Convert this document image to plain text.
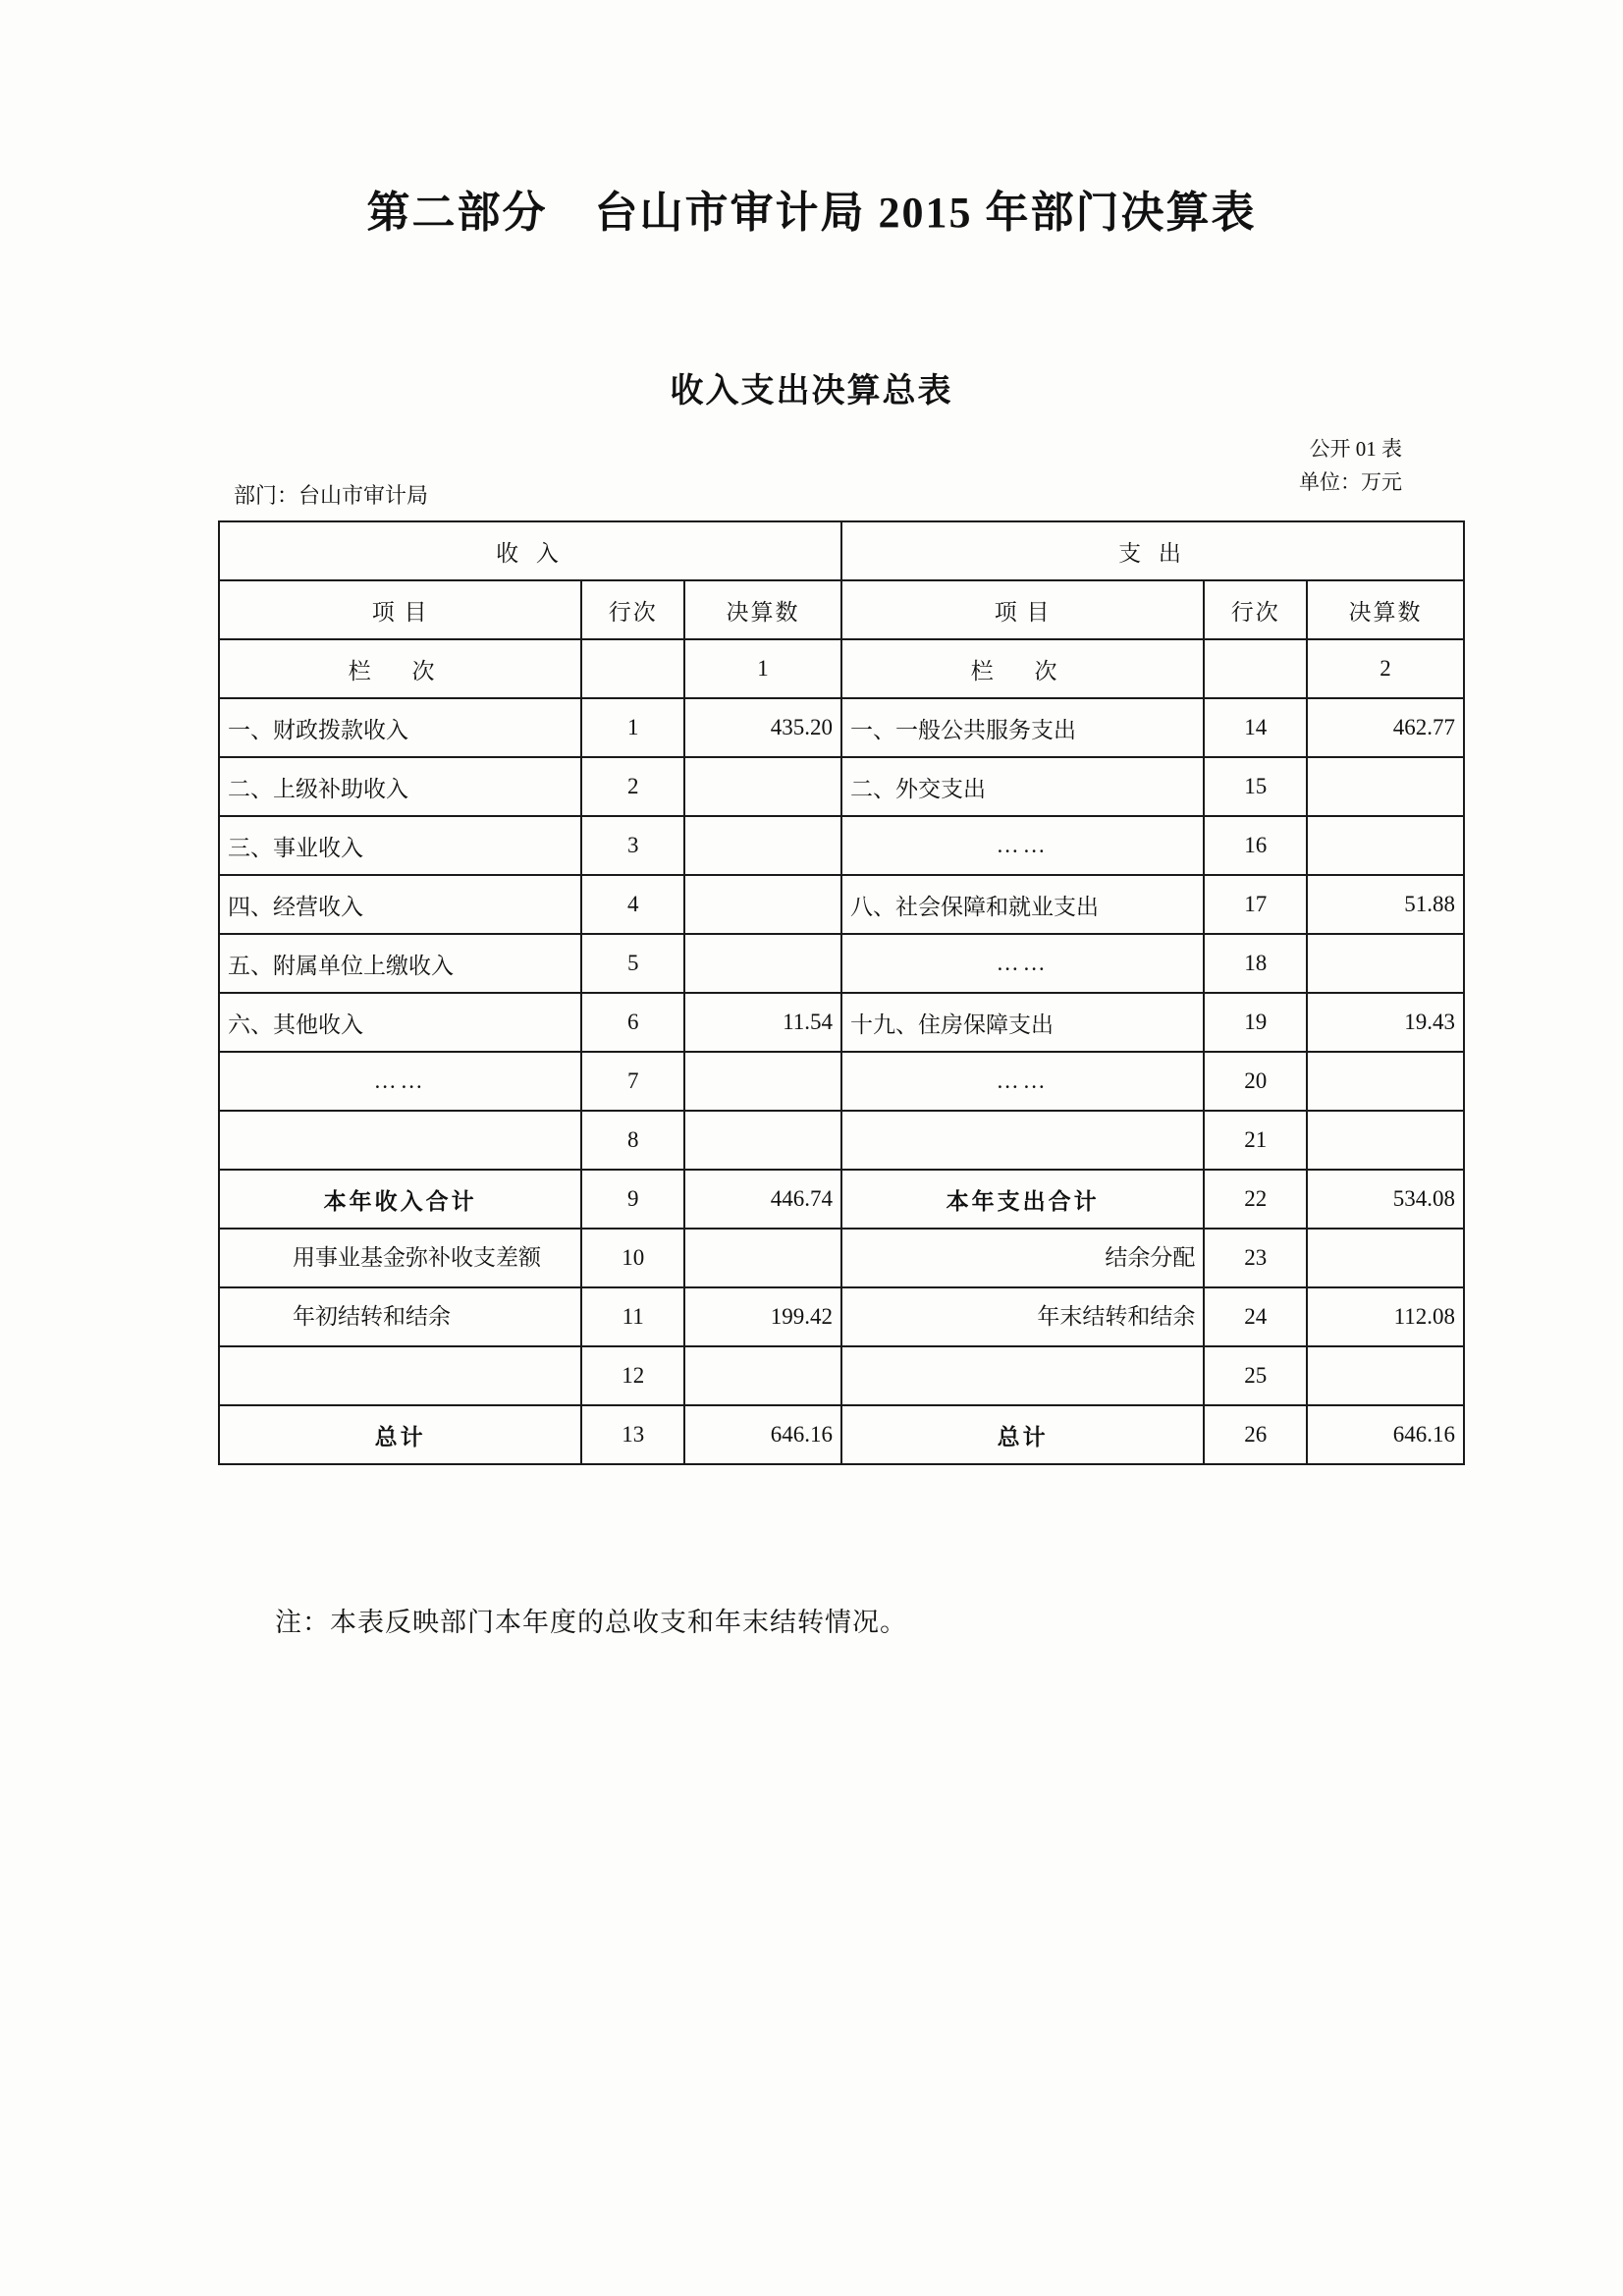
第二部分 台山市审计局 2015 年部门决算表
收入支出决算总表
公开 01 表
单位：万元
部门：台山市审计局
收 入			支 出		
项 目	行次	决算数	项 目	行次	决算数
栏 次		1	栏 次		2
一、财政拨款收入	1	435.20	一、一般公共服务支出	14	462.77
二、上级补助收入	2		二、外交支出	15	
三、事业收入	3		……	16	
四、经营收入	4		八、社会保障和就业支出	17	51.88
五、附属单位上缴收入	5		……	18	
六、其他收入	6	11.54	十九、住房保障支出	19	19.43
……	7		……	20	
	8			21	
本年收入合计	9	446.74	本年支出合计	22	534.08
用事业基金弥补收支差额	10		结余分配	23	
年初结转和结余	11	199.42	年末结转和结余	24	112.08
	12			25	
总计	13	646.16	总计	26	646.16
注：本表反映部门本年度的总收支和年末结转情况。
